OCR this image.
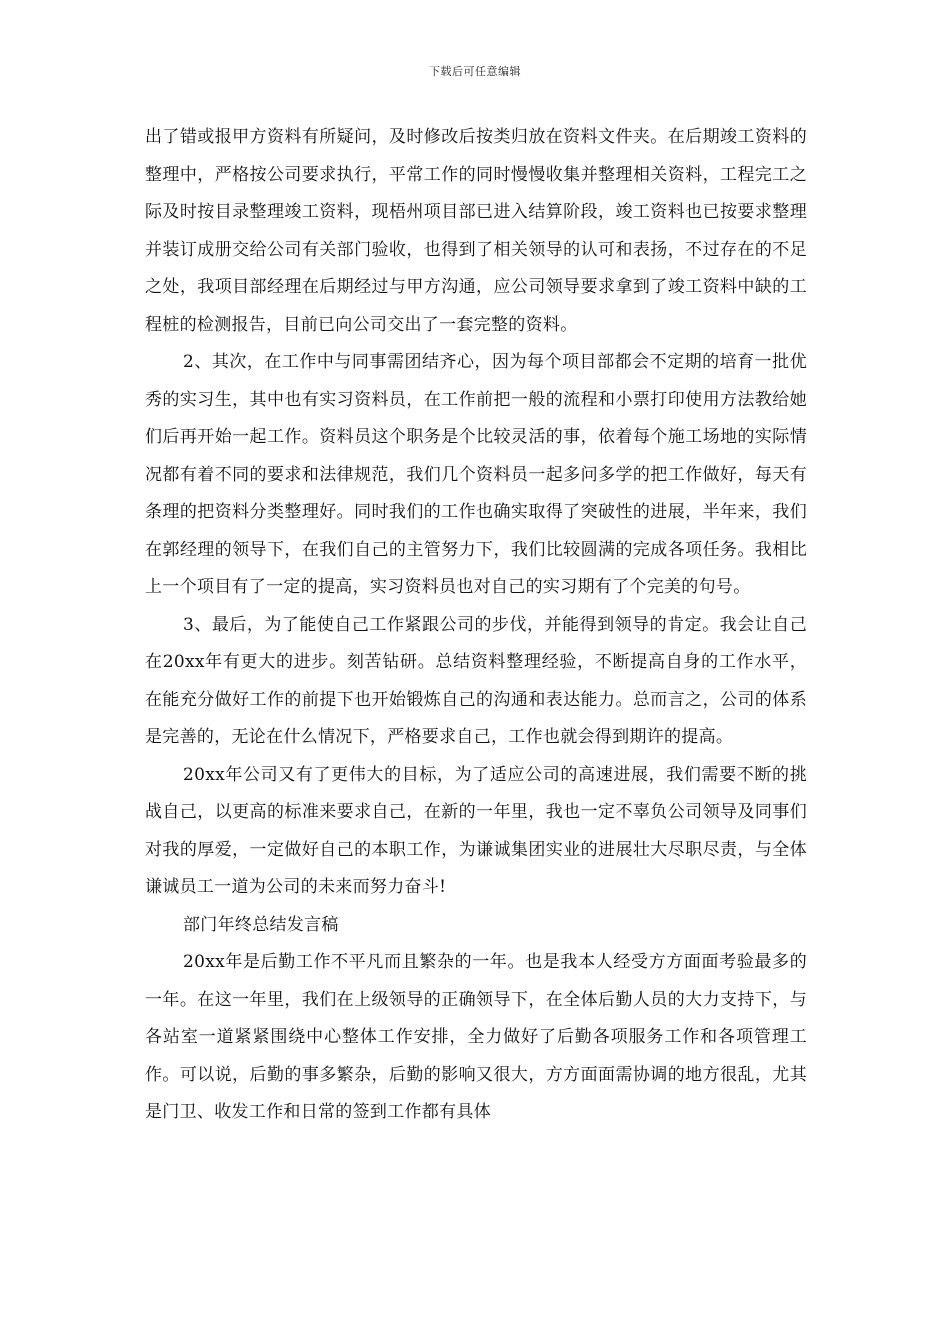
下载后可任意编辑

出了错或报甲方资料有所疑问，及时修改后按类归放在资料文件夹。在后期竣工资料的整理中，严格按公司要求执行，平常工作的同时慢慢收集并整理相关资料，工程完工之际及时按目录整理竣工资料，现梧州项目部已进入结算阶段，竣工资料也已按要求整理并装订成册交给公司有关部门验收，也得到了相关领导的认可和表扬，不过存在的不足之处，我项目部经理在后期经过与甲方沟通，应公司领导要求拿到了竣工资料中缺的工程桩的检测报告，目前已向公司交出了一套完整的资料。

2、其次，在工作中与同事需团结齐心，因为每个项目部都会不定期的培育一批优秀的实习生，其中也有实习资料员，在工作前把一般的流程和小票打印使用方法教给她们后再开始一起工作。资料员这个职务是个比较灵活的事，依着每个施工场地的实际情况都有着不同的要求和法律规范，我们几个资料员一起多问多学的把工作做好，每天有条理的把资料分类整理好。同时我们的工作也确实取得了突破性的进展，半年来，我们在郭经理的领导下，在我们自己的主管努力下，我们比较圆满的完成各项任务。我相比上一个项目有了一定的提高，实习资料员也对自己的实习期有了个完美的句号。

3、最后，为了能使自己工作紧跟公司的步伐，并能得到领导的肯定。我会让自己在20xx年有更大的进步。刻苦钻研。总结资料整理经验，不断提高自身的工作水平，在能充分做好工作的前提下也开始锻炼自己的沟通和表达能力。总而言之，公司的体系是完善的，无论在什么情况下，严格要求自己，工作也就会得到期许的提高。

20xx年公司又有了更伟大的目标，为了适应公司的高速进展，我们需要不断的挑战自己，以更高的标准来要求自己，在新的一年里，我也一定不辜负公司领导及同事们对我的厚爱，一定做好自己的本职工作，为谦诚集团实业的进展壮大尽职尽责，与全体谦诚员工一道为公司的未来而努力奋斗!

部门年终总结发言稿

20xx年是后勤工作不平凡而且繁杂的一年。也是我本人经受方方面面考验最多的一年。在这一年里，我们在上级领导的正确领导下，在全体后勤人员的大力支持下，与各站室一道紧紧围绕中心整体工作安排，全力做好了后勤各项服务工作和各项管理工作。可以说，后勤的事多繁杂，后勤的影响又很大，方方面面需协调的地方很乱，尤其是门卫、收发工作和日常的签到工作都有具体
